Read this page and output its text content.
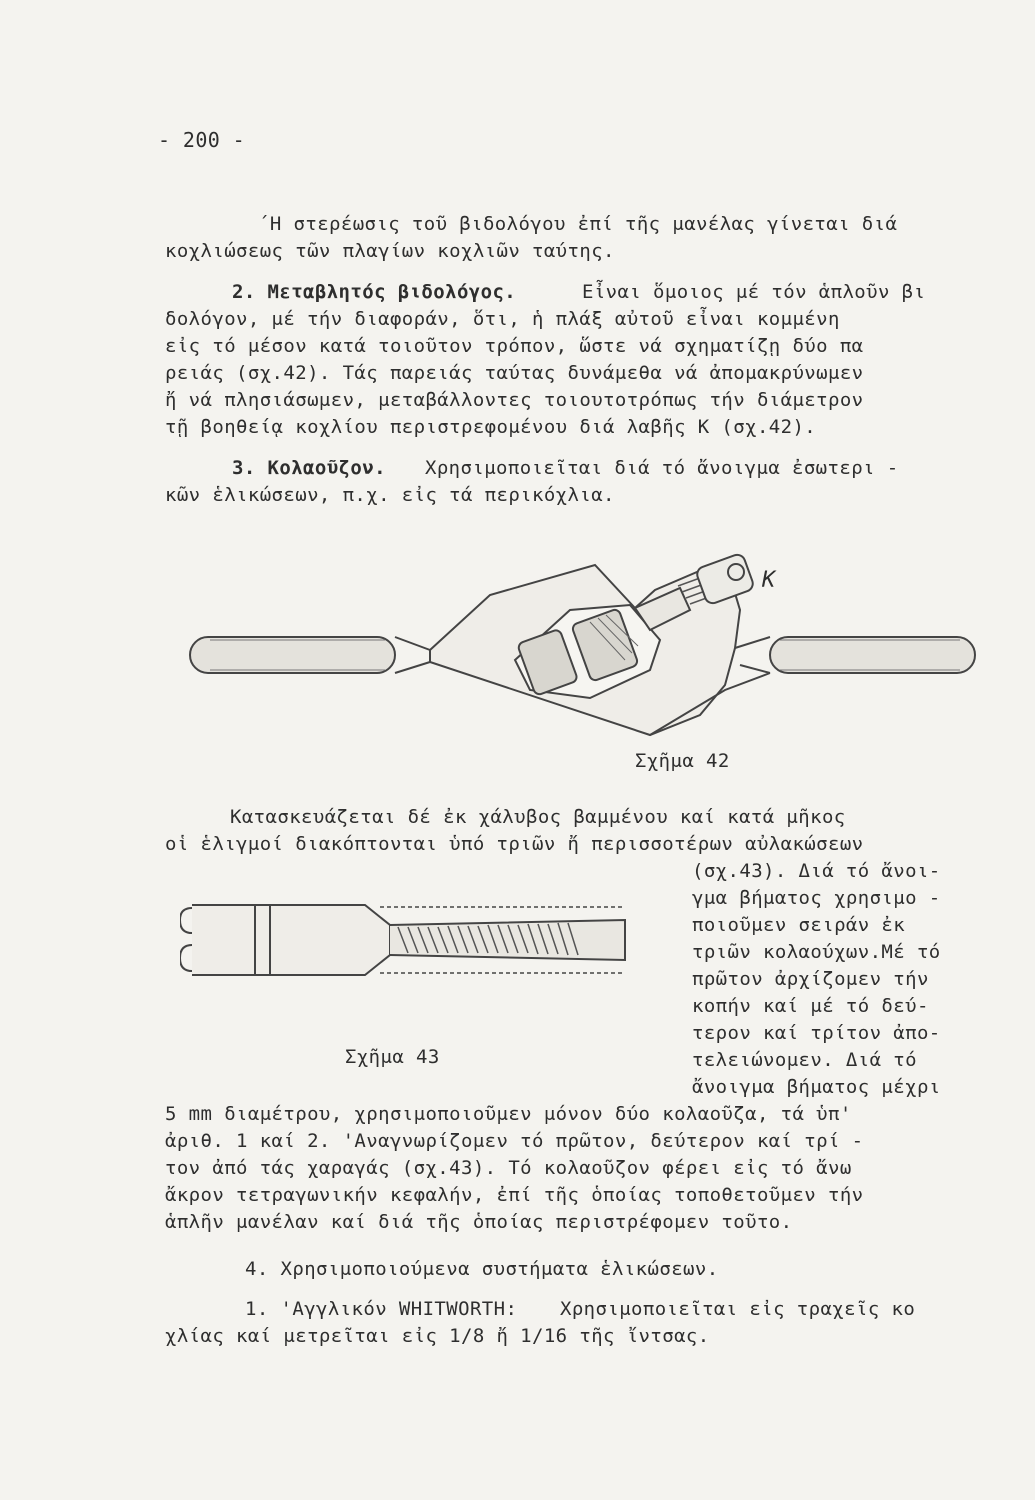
- 200 -
΄Η στερέωσις τοῦ βιδολόγου ἐπί τῆς μανέλας γίνεται διά
κοχλιώσεως τῶν πλαγίων κοχλιῶν ταύτης.
2. Μεταβλητός βιδολόγος.	Εἶναι ὅμοιος μέ τόν ἁπλοῦν βι
δολόγον, μέ τήν διαφοράν, ὅτι, ἡ πλάξ αὐτοῦ εἶναι κομμένη
εἰς τό μέσον κατά τοιοῦτον τρόπον, ὥστε νά σχηματίζῃ δύο πα
ρειάς (σχ.42). Τάς παρειάς ταύτας δυνάμεθα νά ἀπομακρύνωμεν
ἤ νά πλησιάσωμεν, μεταβάλλοντες τοιουτοτρόπως τήν διάμετρον
τῇ βοηθείᾳ κοχλίου περιστρεφομένου διά λαβῆς Κ (σχ.42).
3. Κολαοῦζον. Χρησιμοποιεῖται διά τό ἄνοιγμα ἐσωτερι -
κῶν ἑλικώσεων, π.χ. εἰς τά περικόχλια.
Κ
Σχῆμα 42
Κατασκευάζεται δέ ἐκ χάλυβος βαμμένου καί κατά μῆκος
οἱ ἑλιγμοί διακόπτονται ὑπό τριῶν ἤ περισσοτέρων αὐλακώσεων
(σχ.43). Διά τό ἄνοι-
γμα βήματος χρησιμο -
ποιοῦμεν σειράν ἐκ
τριῶν κολαούχων.Μέ τό
πρῶτον ἀρχίζομεν τήν
κοπήν καί μέ τό δεύ-
τερον καί τρίτον ἀπο-
τελειώνομεν. Διά τό
ἄνοιγμα βήματος μέχρι
Σχῆμα 43
5 mm διαμέτρου, χρησιμοποιοῦμεν μόνον δύο κολαοῦζα, τά ὑπ'
ἀριθ. 1 καί 2. 'Αναγνωρίζομεν τό πρῶτον, δεύτερον καί τρί -
τον ἀπό τάς χαραγάς (σχ.43). Τό κολαοῦζον φέρει εἰς τό ἄνω
ἄκρον τετραγωνικήν κεφαλήν, ἐπί τῆς ὁποίας τοποθετοῦμεν τήν
ἁπλῆν μανέλαν καί διά τῆς ὁποίας περιστρέφομεν τοῦτο.
4. Χρησιμοποιούμενα συστήματα ἑλικώσεων.
1. 'Αγγλικόν WHITWORTH: Χρησιμοποιεῖται εἰς τραχεῖς κο
χλίας καί μετρεῖται εἰς 1/8 ἤ 1/16 τῆς ἴντσας.
